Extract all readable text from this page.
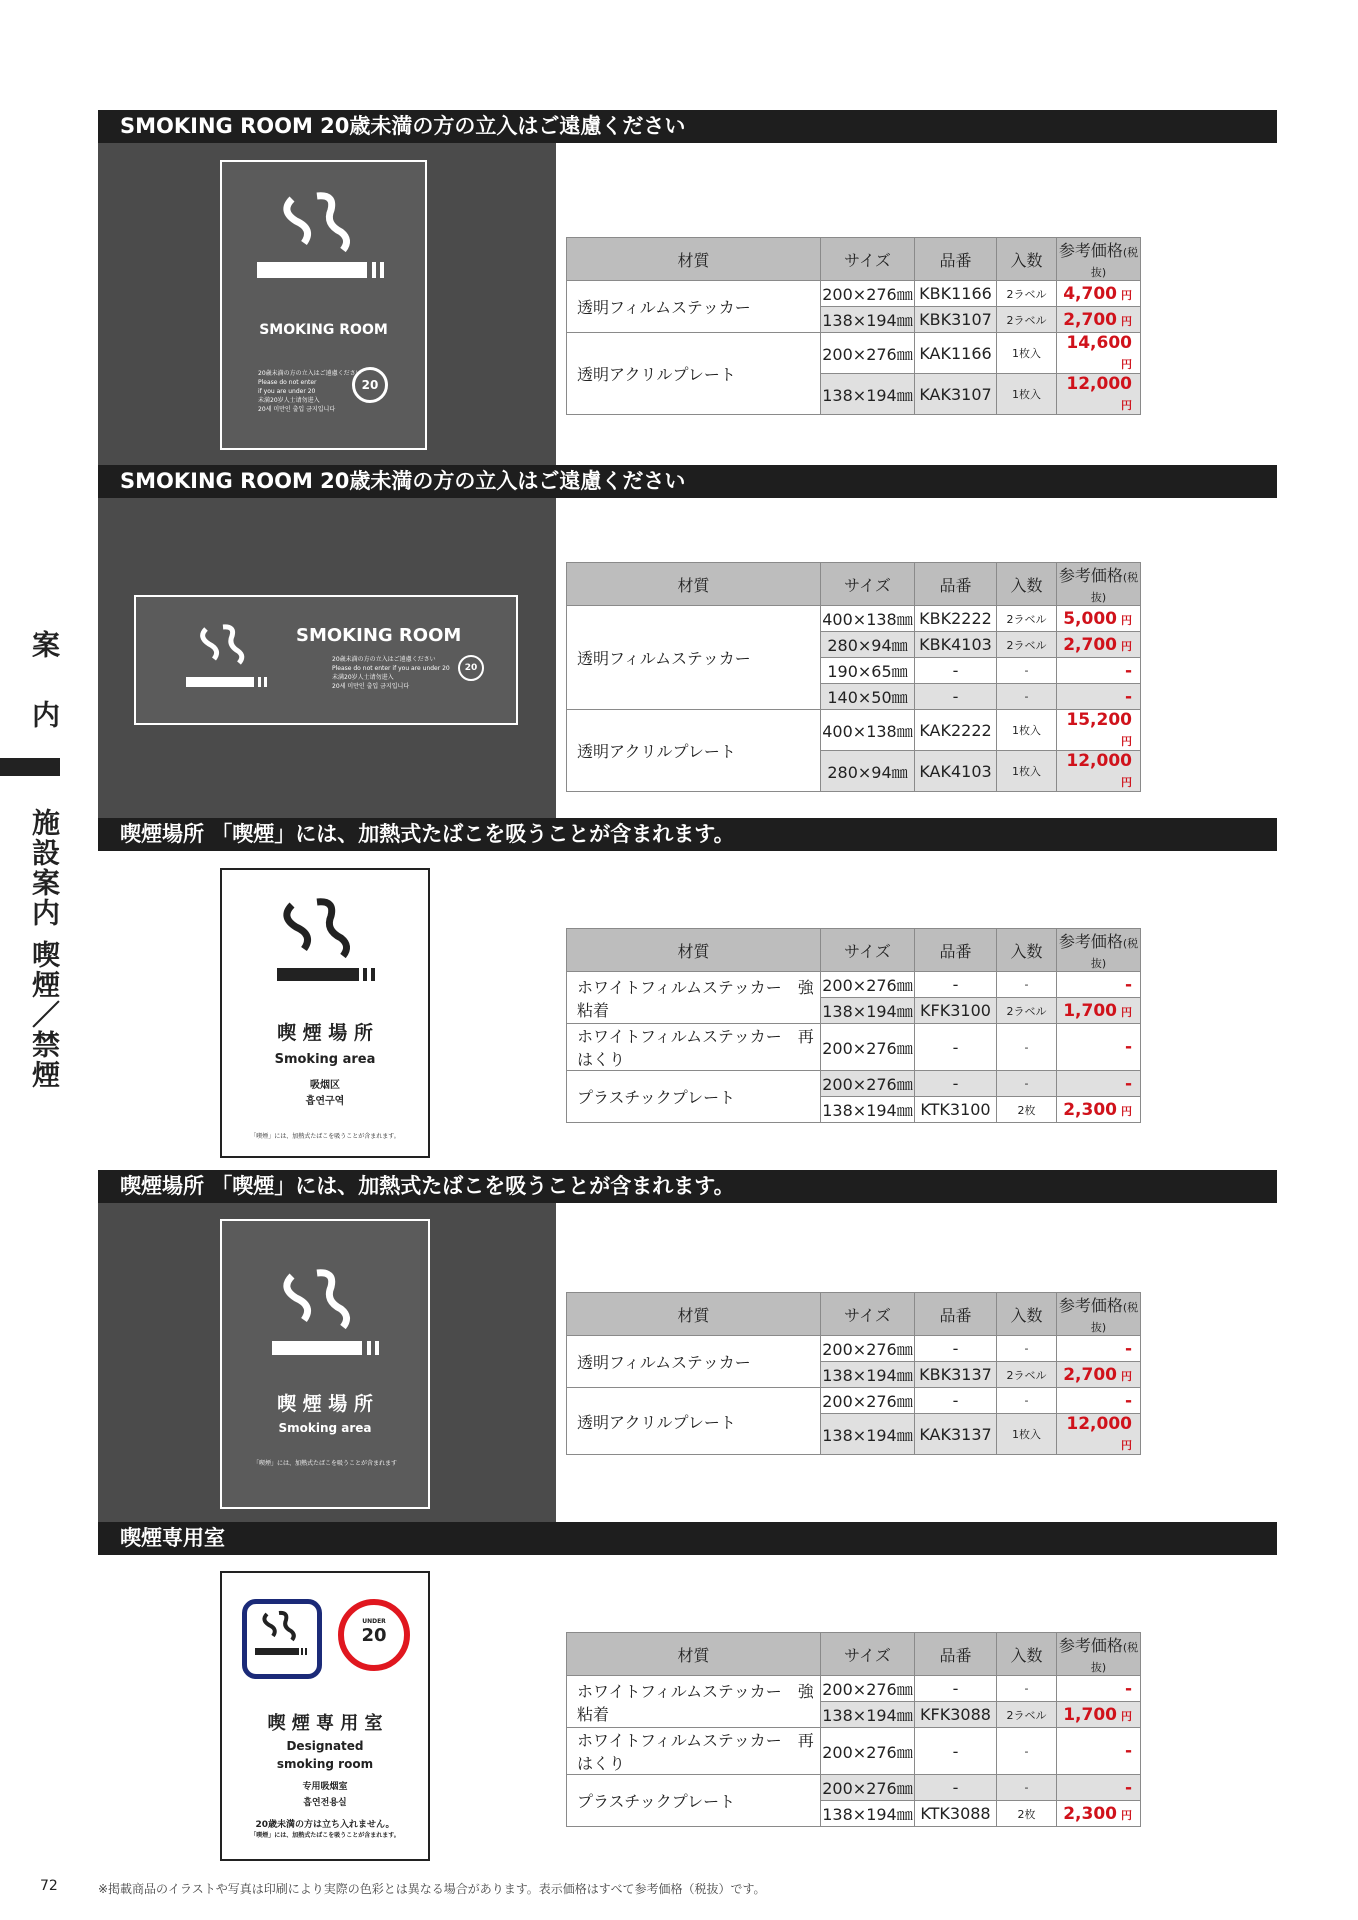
案 内
施設案内 喫煙／禁煙
SMOKING ROOM 20歳未満の方の立入はご遠慮ください
SMOKING ROOM
20歳未満の方の立入はご遠慮ください
Please do not enter
if you are under 20
未満20岁人士请勿进入
20세 미만인 출입 금지입니다
20
材質	サイズ	品番	入数	参考価格(税抜)
透明フィルムステッカー	200×276㎜	KBK1166	2ラベル	4,700 円
	138×194㎜	KBK3107	2ラベル	2,700 円
透明アクリルプレート	200×276㎜	KAK1166	1枚入	14,600円
	138×194㎜	KAK3107	1枚入	12,000円
SMOKING ROOM 20歳未満の方の立入はご遠慮ください
SMOKING ROOM
20歳未満の方の立入はご遠慮ください
Please do not enter if you are under 20
未满20岁人士请勿进入
20세 미만인 출입 금지입니다
20
材質	サイズ	品番	入数	参考価格(税抜)
透明フィルムステッカー	400×138㎜	KBK2222	2ラベル	5,000 円
	280×94㎜	KBK4103	2ラベル	2,700 円
	190×65㎜	-	-	-
	140×50㎜	-	-	-
透明アクリルプレート	400×138㎜	KAK2222	1枚入	15,200円
	280×94㎜	KAK4103	1枚入	12,000円
喫煙場所 「喫煙」には、加熱式たばこを吸うことが含まれます。
喫 煙 場 所
Smoking area
吸烟区
흡연구역
「喫煙」には、加熱式たばこを吸うことが含まれます。
材質	サイズ	品番	入数	参考価格(税抜)
ホワイトフィルムステッカー　強粘着	200×276㎜	-	-	-
	138×194㎜	KFK3100	2ラベル	1,700 円
ホワイトフィルムステッカー　再はくり	200×276㎜	-	-	-
プラスチックプレート	200×276㎜	-	-	-
	138×194㎜	KTK3100	2枚	2,300 円
喫煙場所 「喫煙」には、加熱式たばこを吸うことが含まれます。
喫 煙 場 所
Smoking area
「喫煙」には、加熱式たばこを吸うことが含まれます
材質	サイズ	品番	入数	参考価格(税抜)
透明フィルムステッカー	200×276㎜	-	-	-
	138×194㎜	KBK3137	2ラベル	2,700 円
透明アクリルプレート	200×276㎜	-	-	-
	138×194㎜	KAK3137	1枚入	12,000円
喫煙専用室
UNDER
20
喫 煙 専 用 室
Designated
smoking room
专用吸烟室
흡연전용실
20歳未満の方は立ち入れません。
「喫煙」には、加熱式たばこを吸うことが含まれます。
材質	サイズ	品番	入数	参考価格(税抜)
ホワイトフィルムステッカー　強粘着	200×276㎜	-	-	-
	138×194㎜	KFK3088	2ラベル	1,700 円
ホワイトフィルムステッカー　再はくり	200×276㎜	-	-	-
プラスチックプレート	200×276㎜	-	-	-
	138×194㎜	KTK3088	2枚	2,300 円
72	※掲載商品のイラストや写真は印刷により実際の色彩とは異なる場合があります。表示価格はすべて参考価格（税抜）です。
